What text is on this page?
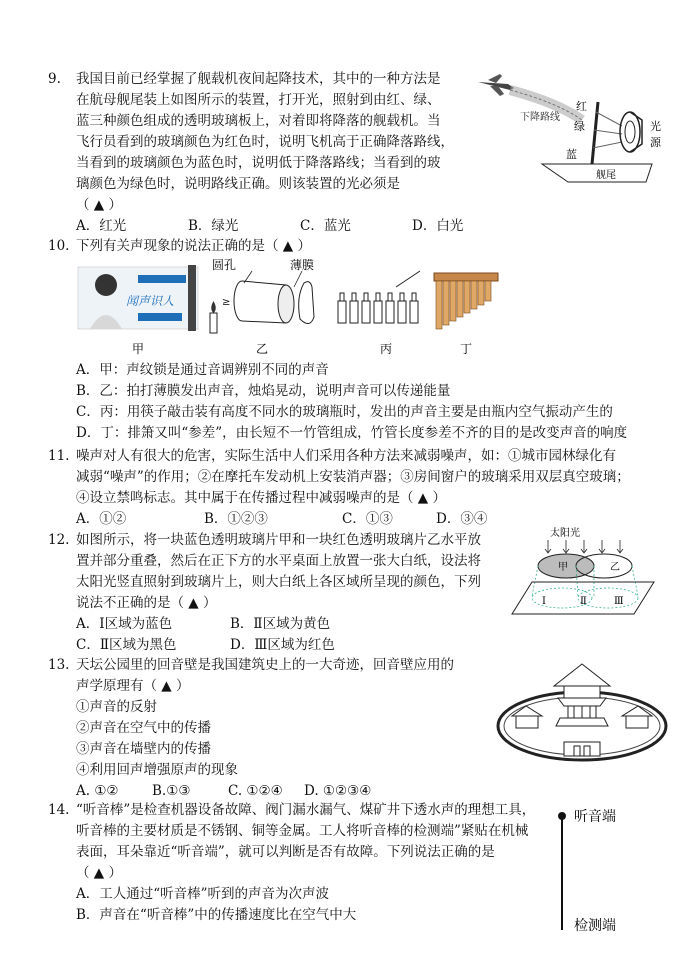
9.	我国目前已经掌握了舰载机夜间起降技术，其中的一种方法是
在航母舰尾装上如图所示的装置，打开光，照射到由红、绿、
蓝三种颜色组成的透明玻璃板上，对着即将降落的舰载机。当
飞行员看到的玻璃颜色为红色时，说明飞机高于正确降落路线，
当看到的玻璃颜色为蓝色时，说明低于降落路线；当看到的玻
璃颜色为绿色时，说明路线正确。则该装置的光必须是
（ ▲ ）
A．红光	B．绿光	C．蓝光	D．白光
下降路线
红
绿
蓝
光
源
舰尾
10. 下列有关声现象的说法正确的是（ ▲ ）
闻声识人
甲
圆孔	薄膜
≥
乙	丙	丁
A．甲：声纹锁是通过音调辨别不同的声音
B．乙：拍打薄膜发出声音，烛焰晃动，说明声音可以传递能量
C．丙：用筷子敲击装有高度不同水的玻璃瓶时，发出的声音主要是由瓶内空气振动产生的
D．丁：排箫又叫“参差”，由长短不一竹管组成，竹管长度参差不齐的目的是改变声音的响度
11. 噪声对人有很大的危害，实际生活中人们采用各种方法来减弱噪声，如：①城市园林绿化有
减弱“噪声”的作用；②在摩托车发动机上安装消声器；③房间窗户的玻璃采用双层真空玻璃；
④设立禁鸣标志。其中属于在传播过程中减弱噪声的是（ ▲ ）
A．①②	B．①②③	C．①③	D．③④
12. 如图所示，将一块蓝色透明玻璃片甲和一块红色透明玻璃片乙水平放
置并部分重叠，然后在正下方的水平桌面上放置一张大白纸，设法将
太阳光竖直照射到玻璃片上，则大白纸上各区域所呈现的颜色，下列
说法不正确的是（ ▲ ）
A．Ⅰ区域为蓝色	B．Ⅱ区域为黄色
C．Ⅱ区域为黑色	D．Ⅲ区域为红色
太阳光
甲	乙
Ⅰ	Ⅱ	Ⅲ
13. 天坛公园里的回音壁是我国建筑史上的一大奇迹，回音壁应用的
声学原理有（ ▲ ）
①声音的反射
②声音在空气中的传播
③声音在墙壁内的传播
④利用回声增强原声的现象
A. ①②	B.①③	C. ①②④	D. ①②③④
14. “听音棒”是检查机器设备故障、阀门漏水漏气、煤矿井下透水声的理想工具，
听音棒的主要材质是不锈钢、铜等金属。工人将听音棒的检测端”紧贴在机械
表面，耳朵靠近“听音端”，就可以判断是否有故障。下列说法正确的是
（ ▲ ）
A．工人通过“听音棒”听到的声音为次声波
B．声音在“听音棒”中的传播速度比在空气中大
听音端
检测端
